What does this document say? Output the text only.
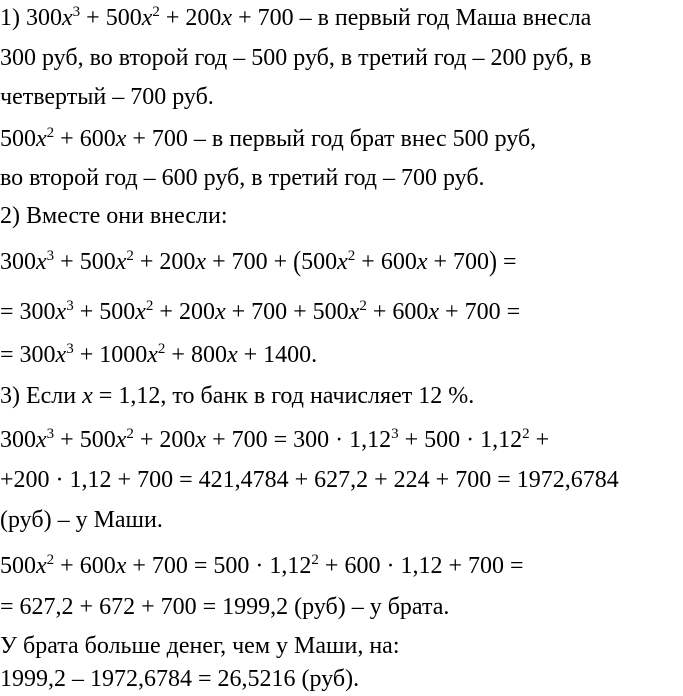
1) $300x^3 + 500x^2 + 200x + 700 - в$ первый год Маша внесла

300 руб, во второй год – 500 руб, в третий год – 200 руб, в

четвертый – 700 руб.

$500x^2 + 600x + 700 - в$ первый год брат внес 500 руб,

во второй год – 600 руб, в третий год – 700 руб.

2) Вместе они внесли:

$300x^3 + 500x^2 + 200x + 700 + (500x^2 + 600x + 700)$ =

= $300x^3 + 500x^2 + 200x + 700 + 500x^2 + 600x + 700$ =

= $300x^3 + 1000x^2 + 800x + 1400$.

3) Если x = 1,12, то банк в год начисляет 12 %.

$300x^3 + 500x^2 + 200x + 700 = 300 \cdot 1,12^3 + 500 \cdot 1,12^2$ +

+200 · 1,12 + 700 = 421,4784 + 627,2 + 224 + 700 = 1972,6784

(руб) – у Маши.

$500x^2 + 600x + 700 = 500 \cdot 1,12^2 + 600 \cdot 1,12 + 700$ =

= 627,2 + 672 + 700 = 1999,2 (руб) – у брата.

У брата больше денег, чем у Маши, на:

1999,2 – 1972,6784 = 26,5216 (руб).
